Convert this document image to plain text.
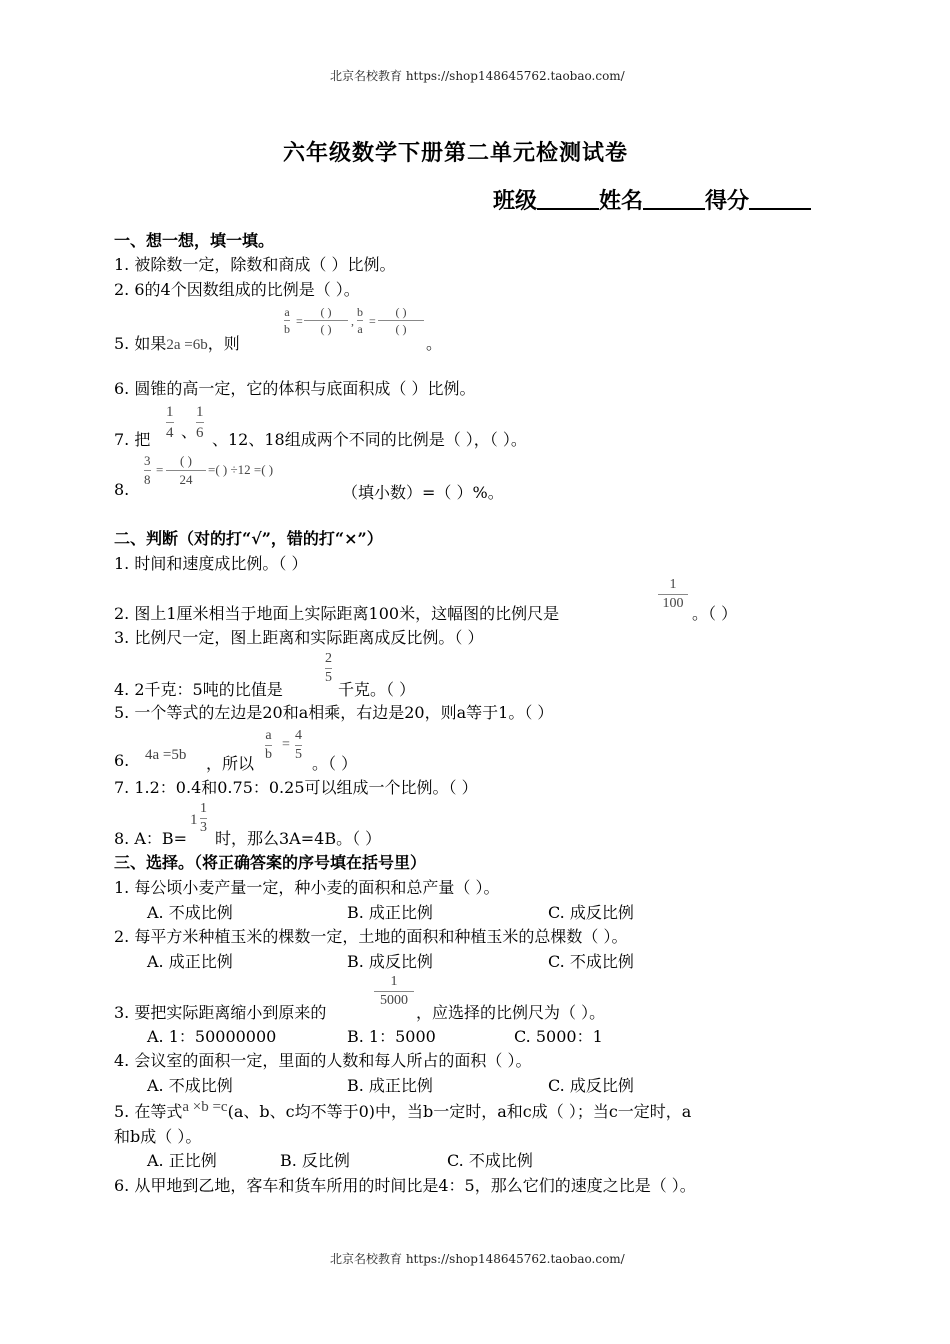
北京名校教育 https://shop148645762.taobao.com/
北京名校教育 https://shop148645762.taobao.com/
六年级数学下册第二单元检测试卷
班级	姓名	得分
一、想一想，填一填。
1. 被除数一定，除数和商成（ ）比例。
2. 6的4个因数组成的比例是（ ）。
5. 如果2a =6b，则
$\frac{a}{b}$ =
( )
( )
, $\frac{b}{a}$ =
( )
( )
。
6. 圆锥的高一定，它的体积与底面积成（ ）比例。
7. 把 $\frac{1}{4}$ 、
$\frac{1}{6}$ 、12、18组成两个不同的比例是（ ），（ ）。
8.
$\frac{3}{8}$ =
( )
24
=( ) ÷12 =( )
（填小数）=（ ）%。
二、判断（对的打“√”，错的打“×”）
1. 时间和速度成比例。（ ）
2. 图上1厘米相当于地面上实际距离100米，这幅图的比例尺是
$\frac{1}{100}$
。（ ）
3. 比例尺一定，图上距离和实际距离成反比例。（ ）
4. 2千克：5吨的比值是
$\frac{2}{5}$
千克。（ ）
5. 一个等式的左边是20和a相乘，右边是20，则a等于1。（ ）
6. 4a =5b ，所以 $\frac{a}{b} = \frac{4}{5}$ 。（ ）
7. 1.2：0.4和0.75：0.25可以组成一个比例。（ ）
8. A：B=
$1 \frac{1}{3}$
时，那么3A=4B。（ ）
三、选择。（将正确答案的序号填在括号里）
1. 每公顷小麦产量一定，种小麦的面积和总产量（ ）。
A. 不成比例	B. 成正比例	C. 成反比例
2. 每平方米种植玉米的棵数一定，土地的面积和种植玉米的总棵数（ ）。
A. 成正比例	B. 成反比例	C. 不成比例
3. 要把实际距离缩小到原来的
$\frac{1}{5000}$
，应选择的比例尺为（ ）。
A. 1：50000000	B. 1：5000	C. 5000：1
4. 会议室的面积一定，里面的人数和每人所占的面积（ ）。
A. 不成比例	B. 成正比例	C. 成反比例
5. 在等式a ×b =c(a、b、c均不等于0)中，当b一定时，a和c成（ ）；当c一定时，a
和b成（ ）。
A. 正比例	B. 反比例	C. 不成比例
6. 从甲地到乙地，客车和货车所用的时间比是4：5，那么它们的速度之比是（ ）。
